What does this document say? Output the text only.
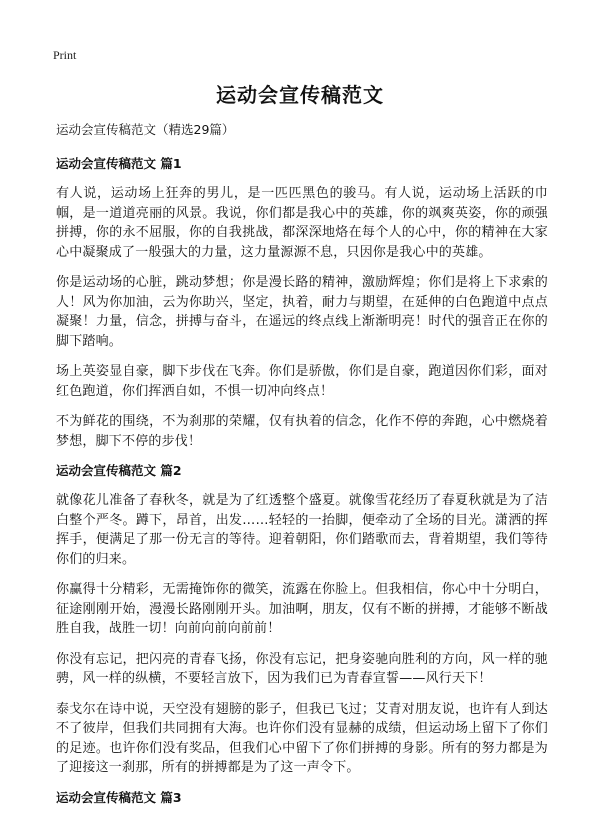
Print
运动会宣传稿范文
运动会宣传稿范文（精选29篇）
运动会宣传稿范文 篇1

有人说，运动场上狂奔的男儿，是一匹匹黑色的骏马。有人说，运动场上活跃的巾帼，是一道道亮丽的风景。我说，你们都是我心中的英雄，你的飒爽英姿，你的顽强拼搏，你的永不屈服，你的自我挑战，都深深地烙在每个人的心中，你的精神在大家心中凝聚成了一般强大的力量，这力量源源不息，只因你是我心中的英雄。

你是运动场的心脏，跳动梦想；你是漫长路的精神，激励辉煌；你们是将上下求索的人！风为你加油，云为你助兴，坚定，执着，耐力与期望，在延伸的白色跑道中点点凝聚！力量，信念，拼搏与奋斗，在遥远的终点线上渐渐明亮！时代的强音正在你的脚下踏响。

场上英姿显自豪，脚下步伐在飞奔。你们是骄傲，你们是自豪，跑道因你们彩，面对红色跑道，你们挥洒自如，不惧一切冲向终点！

不为鲜花的围绕，不为刹那的荣耀，仅有执着的信念，化作不停的奔跑，心中燃烧着梦想，脚下不停的步伐！

运动会宣传稿范文 篇2

就像花儿准备了春秋冬，就是为了红透整个盛夏。就像雪花经历了春夏秋就是为了洁白整个严冬。蹲下，昂首，出发……轻轻的一抬脚，便牵动了全场的目光。潇洒的挥挥手，便满足了那一份无言的等待。迎着朝阳，你们踏歌而去，背着期望，我们等待你们的归来。

你赢得十分精彩，无需掩饰你的微笑，流露在你脸上。但我相信，你心中十分明白，征途刚刚开始，漫漫长路刚刚开头。加油啊，朋友，仅有不断的拼搏，才能够不断战胜自我，战胜一切！向前向前向前前！

你没有忘记，把闪亮的青春飞扬，你没有忘记，把身姿驰向胜利的方向，风一样的驰骋，风一样的纵横，不要轻言放下，因为我们已为青春宣誓——风行天下！

泰戈尔在诗中说，天空没有翅膀的影子，但我已飞过；艾青对朋友说，也许有人到达不了彼岸，但我们共同拥有大海。也许你们没有显赫的成绩，但运动场上留下了你们的足迹。也许你们没有奖品，但我们心中留下了你们拼搏的身影。所有的努力都是为了迎接这一刹那，所有的拼搏都是为了这一声令下。

运动会宣传稿范文 篇3
